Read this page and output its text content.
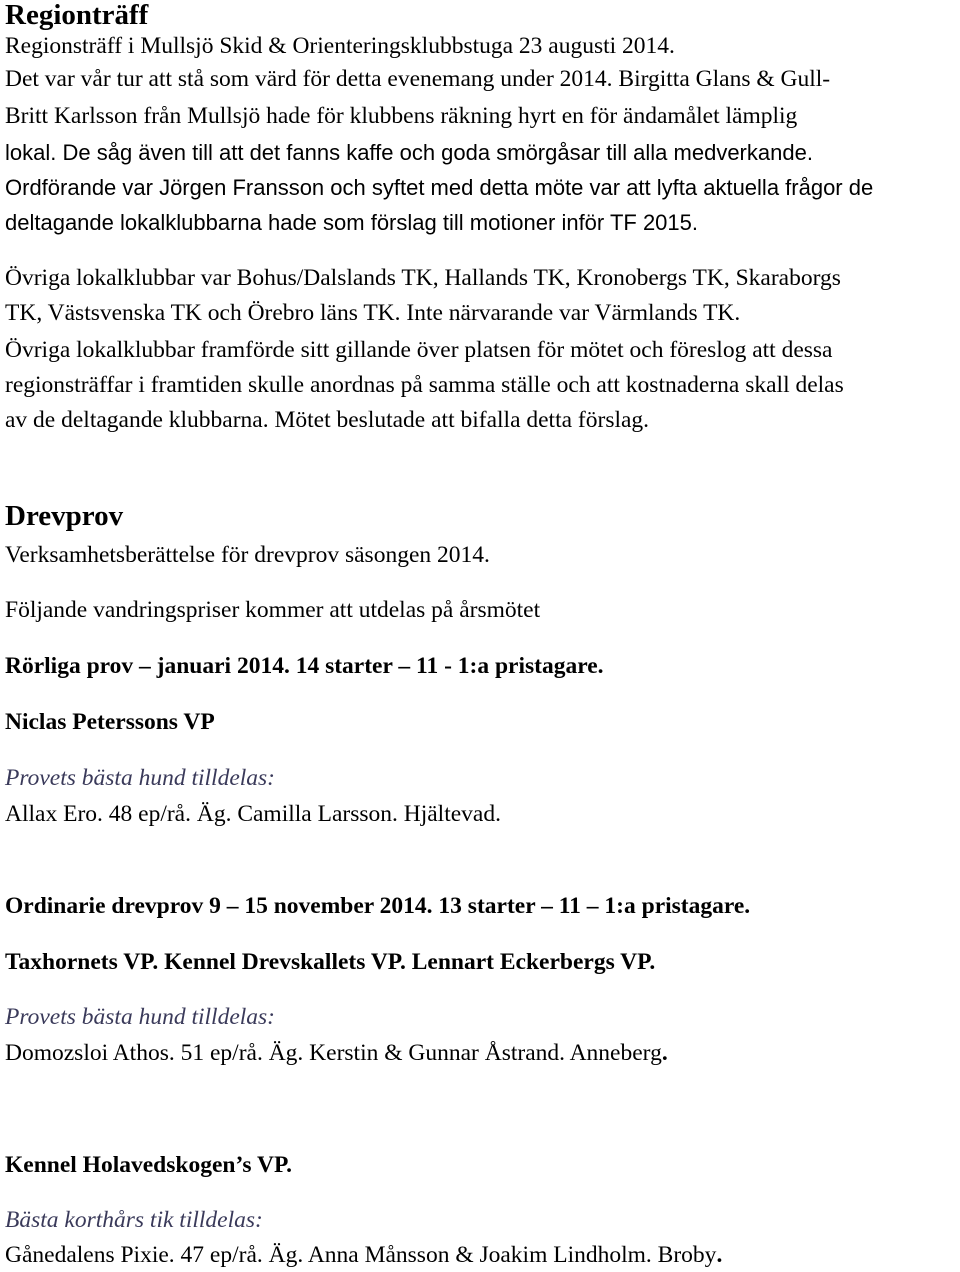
Regionträff
Regionsträff i Mullsjö Skid & Orienteringsklubbstuga 23 augusti 2014.
Det var vår tur att stå som värd för detta evenemang under 2014. Birgitta Glans & Gull-
Britt Karlsson från Mullsjö hade för klubbens räkning hyrt en för ändamålet lämplig
lokal. De såg även till att det fanns kaffe och goda smörgåsar till alla medverkande.
Ordförande var Jörgen Fransson och syftet med detta möte var att lyfta aktuella frågor de
deltagande lokalklubbarna hade som förslag till motioner inför TF 2015.
Övriga lokalklubbar var Bohus/Dalslands TK, Hallands TK, Kronobergs TK, Skaraborgs
TK, Västsvenska TK och Örebro läns TK. Inte närvarande var Värmlands TK.
Övriga lokalklubbar framförde sitt gillande över platsen för mötet och föreslog att dessa
regionsträffar i framtiden skulle anordnas på samma ställe och att kostnaderna skall delas
av de deltagande klubbarna. Mötet beslutade att bifalla detta förslag.
Drevprov
Verksamhetsberättelse för drevprov säsongen 2014.
Följande vandringspriser kommer att utdelas på årsmötet
Rörliga prov – januari 2014. 14 starter – 11 - 1:a pristagare.
Niclas Peterssons VP
Provets bästa hund tilldelas:
Allax Ero. 48 ep/rå. Äg. Camilla Larsson. Hjältevad.
Ordinarie drevprov 9 – 15 november 2014. 13 starter – 11 – 1:a pristagare.
Taxhornets VP. Kennel Drevskallets VP. Lennart Eckerbergs VP.
Provets bästa hund tilldelas:
Domozsloi Athos. 51 ep/rå. Äg. Kerstin & Gunnar Åstrand. Anneberg.
Kennel Holavedskogen’s VP.
Bästa korthårs tik tilldelas:
Gånedalens Pixie. 47 ep/rå. Äg. Anna Månsson & Joakim Lindholm. Broby.
